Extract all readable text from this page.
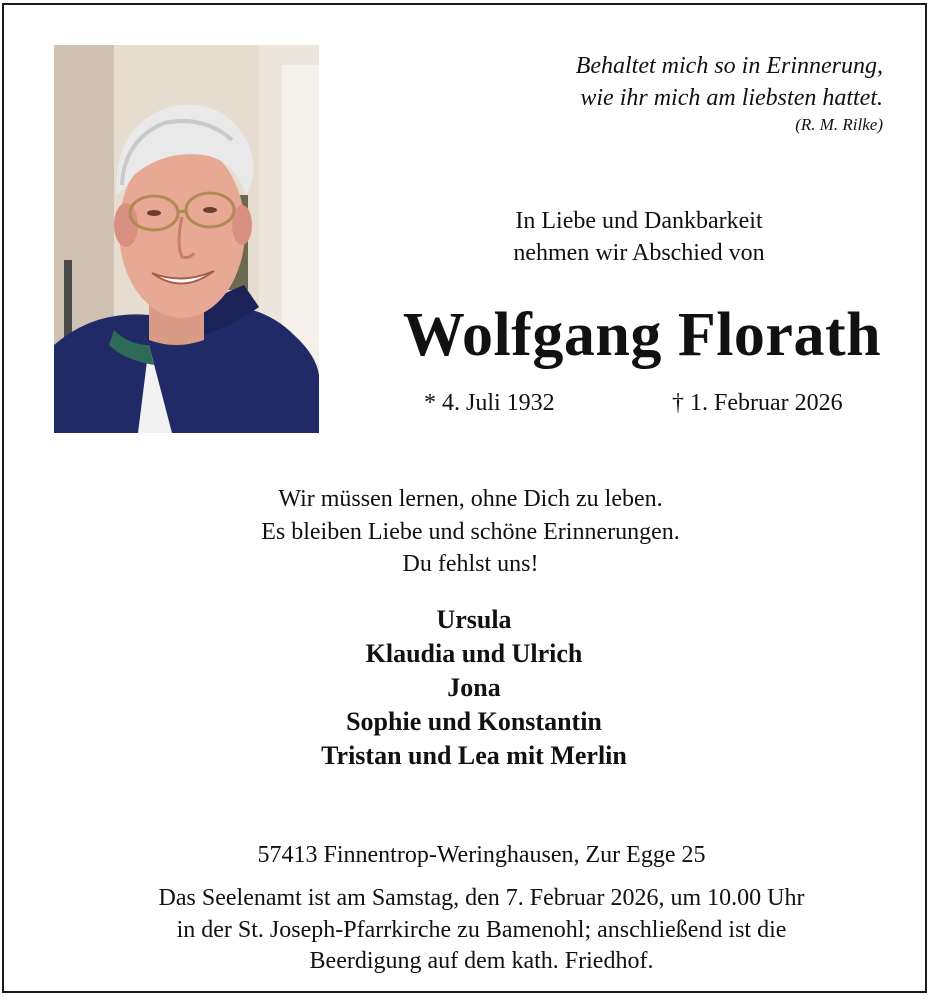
Behaltet mich so in Erinnerung,
wie ihr mich am liebsten hattet.
(R. M. Rilke)
In Liebe und Dankbarkeit
nehmen wir Abschied von
Wolfgang Florath
* 4. Juli 1932	† 1. Februar 2026
Wir müssen lernen, ohne Dich zu leben.
Es bleiben Liebe und schöne Erinnerungen.
Du fehlst uns!
Ursula
Klaudia und Ulrich
Jona
Sophie und Konstantin
Tristan und Lea mit Merlin
57413 Finnentrop-Weringhausen, Zur Egge 25
Das Seelenamt ist am Samstag, den 7. Februar 2026, um 10.00 Uhr
in der St. Joseph-Pfarrkirche zu Bamenohl; anschließend ist die
Beerdigung auf dem kath. Friedhof.
